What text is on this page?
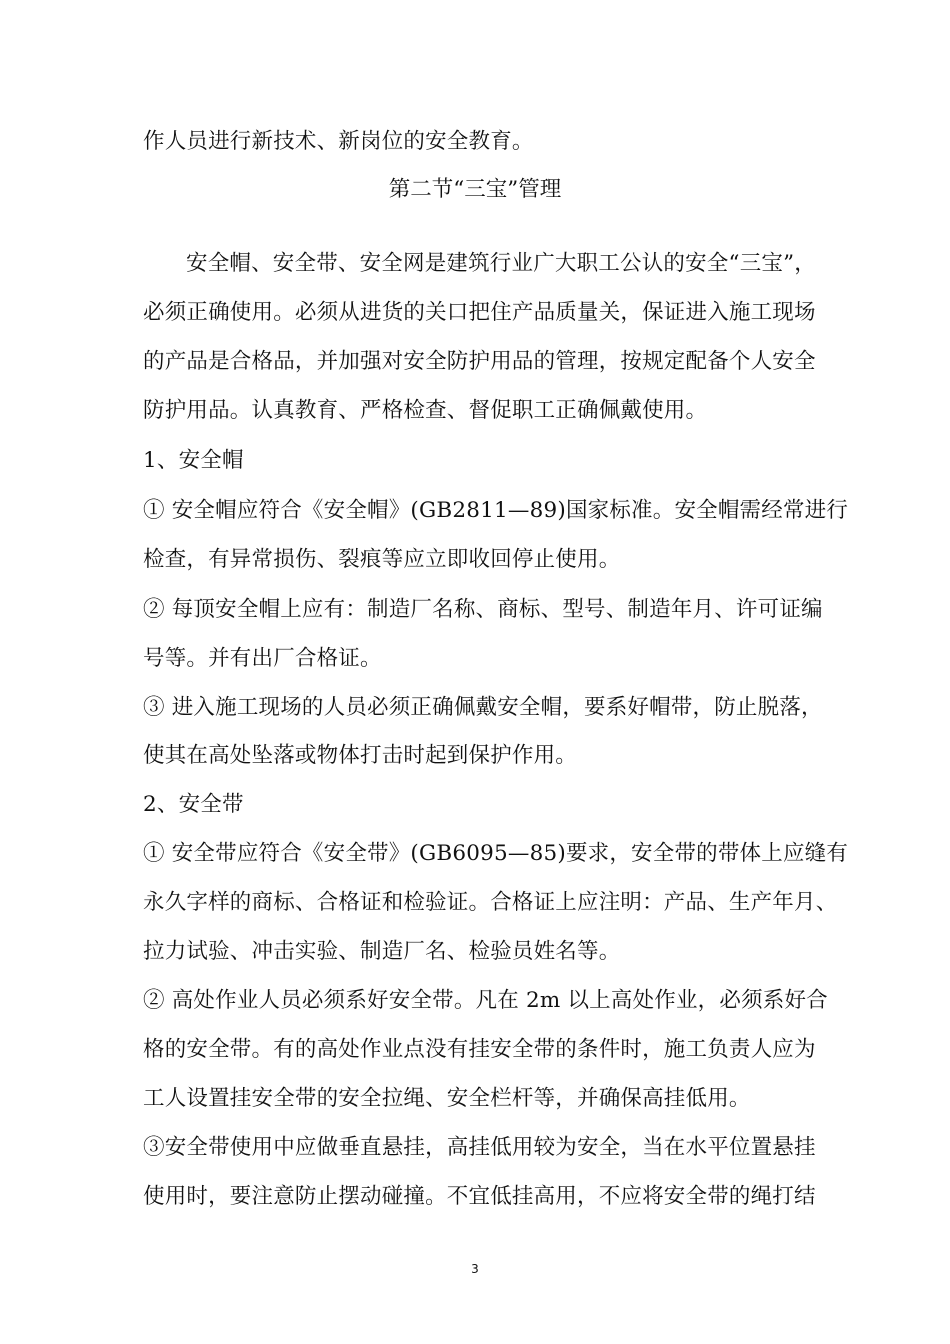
作人员进行新技术、新岗位的安全教育。
第二节“三宝”管理
安全帽、安全带、安全网是建筑行业广大职工公认的安全“三宝”，
必须正确使用。必须从进货的关口把住产品质量关，保证进入施工现场
的产品是合格品，并加强对安全防护用品的管理，按规定配备个人安全
防护用品。认真教育、严格检查、督促职工正确佩戴使用。
1、安全帽
① 安全帽应符合《安全帽》(GB2811—89)国家标准。安全帽需经常进行
检查，有异常损伤、裂痕等应立即收回停止使用。
② 每顶安全帽上应有：制造厂名称、商标、型号、制造年月、许可证编
号等。并有出厂合格证。
③ 进入施工现场的人员必须正确佩戴安全帽，要系好帽带，防止脱落，
使其在高处坠落或物体打击时起到保护作用。
2、安全带
① 安全带应符合《安全带》(GB6095—85)要求，安全带的带体上应缝有
永久字样的商标、合格证和检验证。合格证上应注明：产品、生产年月、
拉力试验、冲击实验、制造厂名、检验员姓名等。
② 高处作业人员必须系好安全带。凡在 2m 以上高处作业，必须系好合
格的安全带。有的高处作业点没有挂安全带的条件时，施工负责人应为
工人设置挂安全带的安全拉绳、安全栏杆等，并确保高挂低用。
③安全带使用中应做垂直悬挂，高挂低用较为安全，当在水平位置悬挂
使用时，要注意防止摆动碰撞。不宜低挂高用，不应将安全带的绳打结
3
